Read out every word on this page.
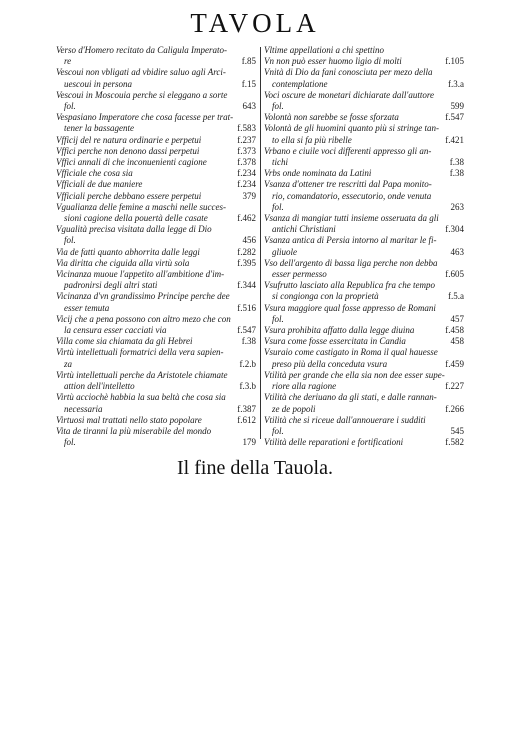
TAVOLA
Verso d'Homero recitato da Caligula Imperato-
f.85
re
Vescoui non vbligati ad vbidire saluo agli Arci-
f.15
uescoui in persona
Vescoui in Moscouia perche si eleggano a sorte
643
fol.
Vespasiano Imperatore che cosa facesse per trat-
f.583
tener la bassagente
f.237
Vfficij del re natura ordinarie e perpetui
f.373
Vffici perche non denono dassi perpetui
f.378
Vffici annali di che inconuenienti cagione
f.234
Vfficiale che cosa sia
f.234
Vfficiali de due maniere
379
Vfficiali perche debbano essere perpetui
Vgualianza delle femine a maschi nelle succes-
f.462
sioni cagione della pouertà delle casate
Vgualità precisa visitata dalla legge di Dio
456
fol.
f.282
Via de fatti quanto abhorrita dalle leggi
f.395
Via diritta che ciguida alla virtù sola
Vicinanza muoue l'appetito all'ambitione d'im-
f.344
padronirsi degli altri stati
Vicinanza d'vn grandissimo Principe perche dee
f.516
esser temuta
Vicij che a pena possono con altro mezo che con
f.547
la censura esser cacciati via
f.38
Villa come sia chiamata da gli Hebrei
Virtù intellettuali formatrici della vera sapien-
f.2.b
za
Virtù intellettuali perche da Aristotele chiamate
f.3.b
attion dell'intelletto
Virtù acciochè habbia la sua beltà che cosa sia
f.387
necessaria
f.612
Virtuosi mal trattati nello stato popolare
Vita de tiranni la più miserabile del mondo
179
fol.
Vltime appellationi a chi spettino
f.105
Vn non può esser huomo ligio di molti
Vnità di Dio da fani conosciuta per mezo della
f.3.a
contemplatione
Voci oscure de monetari dichiarate dall'auttore
599
fol.
f.547
Volontà non sarebbe se fosse sforzata
Volontà de gli huomini quanto più si stringe tan-
f.421
to ella si fa più ribelle
Vrbano e ciuile voci differenti appresso gli an-
f.38
tichi
f.38
Vrbs onde nominata da Latini
Vsanza d'ottener tre rescritti dal Papa monito-
rio, comandatorio, essecutorio, onde venuta
263
fol.
Vsanza di mangiar tutti insieme osseruata da gli
f.304
antichi Christiani
Vsanza antica di Persia intorno al maritar le fi-
463
gliuole
Vso dell'argento di bassa liga perche non debba
f.605
esser permesso
Vsufrutto lasciato alla Republica fra che tempo
f.5.a
si congionga con la proprietà
Vsura maggiore qual fosse appresso de Romani
457
fol.
f.458
Vsura prohibita affatto dalla legge diuina
458
Vsura come fosse essercitata in Candia
Vsuraio come castigato in Roma il qual hauesse
f.459
preso più della conceduta vsura
Vtilità per grande che ella sia non dee esser supe-
f.227
riore alla ragione
Vtilità che deriuano da gli stati, e dalle rannan-
f.266
ze de popoli
Vtilità che si riceue dall'annouerare i sudditi
545
fol.
f.582
Vtilità delle reparationi e fortificationi
Il fine della Tauola.
